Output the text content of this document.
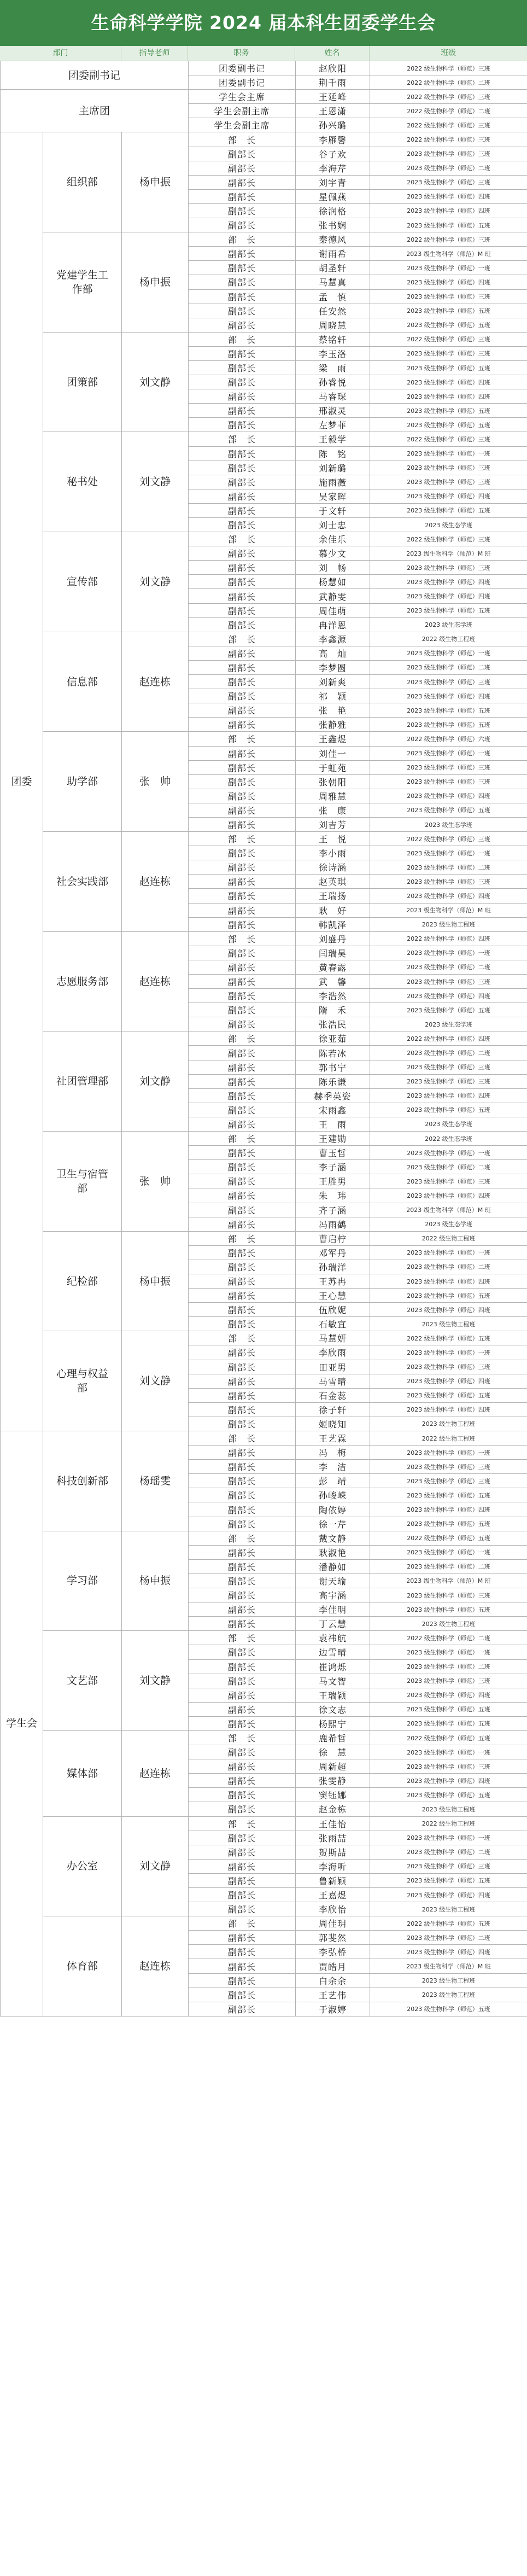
生命科学学院 2024 届本科生团委学生会
部门	指导老师	职务	姓名	班级
团委副书记			团委副书记	赵欣阳	2022 级生物科学（师范）三班
			团委副书记	荆千雨	2022 级生物科学（师范）二班
主席团			学生会主席	王延峰	2022 级生物科学（师范）三班
			学生会副主席	王恩潇	2022 级生物科学（师范）二班
			学生会副主席	孙兴璐	2022 级生物科学（师范）三班
团委	组织部	杨申振	部　长	李雁馨	2022 级生物科学（师范）三班
			副部长	谷子欢	2023 级生物科学（师范）三班
			副部长	李海芹	2023 级生物科学（师范）二班
			副部长	刘宇青	2023 级生物科学（师范）三班
			副部长	星佩燕	2023 级生物科学（师范）四班
			副部长	徐润格	2023 级生物科学（师范）四班
			副部长	张书娴	2023 级生物科学（师范）五班
	党建学生工作部	杨申振	部　长	秦德风	2022 级生物科学（师范）三班
			副部长	谢雨希	2023 级生物科学（师范）M 班
			副部长	胡圣轩	2023 级生物科学（师范）一班
			副部长	马慧真	2023 级生物科学（师范）四班
			副部长	孟　慎	2023 级生物科学（师范）三班
			副部长	任安然	2023 级生物科学（师范）五班
			副部长	周晓慧	2023 级生物科学（师范）五班
	团策部	刘文静	部　长	蔡铭轩	2022 级生物科学（师范）三班
			副部长	李玉洛	2023 级生物科学（师范）三班
			副部长	梁　雨	2023 级生物科学（师范）五班
			副部长	孙睿悦	2023 级生物科学（师范）四班
			副部长	马睿琛	2023 级生物科学（师范）四班
			副部长	邢淑灵	2023 级生物科学（师范）五班
			副部长	左梦菲	2023 级生物科学（师范）五班
	秘书处	刘文静	部　长	王毅学	2022 级生物科学（师范）三班
			副部长	陈　铭	2023 级生物科学（师范）一班
			副部长	刘新璐	2023 级生物科学（师范）三班
			副部长	施雨薇	2023 级生物科学（师范）三班
			副部长	吴家晖	2023 级生物科学（师范）四班
			副部长	于文轩	2023 级生物科学（师范）五班
			副部长	刘士忠	2023 级生态学班
	宣传部	刘文静	部　长	余佳乐	2022 级生物科学（师范）三班
			副部长	慕少文	2023 级生物科学（师范）M 班
			副部长	刘　畅	2023 级生物科学（师范）三班
			副部长	杨慧如	2023 级生物科学（师范）四班
			副部长	武静雯	2023 级生物科学（师范）四班
			副部长	周佳萌	2023 级生物科学（师范）五班
			副部长	冉洋恩	2023 级生态学班
	信息部	赵连栋	部　长	李鑫源	2022 级生物工程班
			副部长	高　灿	2023 级生物科学（师范）一班
			副部长	李梦圆	2023 级生物科学（师范）二班
			副部长	刘新爽	2023 级生物科学（师范）三班
			副部长	祁　颖	2023 级生物科学（师范）四班
			副部长	张　艳	2023 级生物科学（师范）五班
			副部长	张静雅	2023 级生物科学（师范）五班
	助学部	张　帅	部　长	王鑫煜	2022 级生物科学（师范）六班
			副部长	刘佳一	2023 级生物科学（师范）一班
			副部长	于虹苑	2023 级生物科学（师范）三班
			副部长	张朝阳	2023 级生物科学（师范）三班
			副部长	周雅慧	2023 级生物科学（师范）四班
			副部长	张　康	2023 级生物科学（师范）五班
			副部长	刘吉芳	2023 级生态学班
	社会实践部	赵连栋	部　长	王　悦	2022 级生物科学（师范）三班
			副部长	李小雨	2023 级生物科学（师范）一班
			副部长	徐诗涵	2023 级生物科学（师范）二班
			副部长	赵英琪	2023 级生物科学（师范）三班
			副部长	王瑞扬	2023 级生物科学（师范）四班
			副部长	耿　好	2023 级生物科学（师范）M 班
			副部长	韩凯泽	2023 级生物工程班
	志愿服务部	赵连栋	部　长	刘盛丹	2022 级生物科学（师范）四班
			副部长	闫瑞昊	2023 级生物科学（师范）一班
			副部长	黄春露	2023 级生物科学（师范）二班
			副部长	武　馨	2023 级生物科学（师范）三班
			副部长	李浩然	2023 级生物科学（师范）四班
			副部长	隋　禾	2023 级生物科学（师范）五班
			副部长	张浩民	2023 级生态学班
	社团管理部	刘文静	部　长	徐亚茹	2022 级生物科学（师范）四班
			副部长	陈若冰	2023 级生物科学（师范）二班
			副部长	郭书宁	2023 级生物科学（师范）三班
			副部长	陈乐谦	2023 级生物科学（师范）三班
			副部长	赫季英姿	2023 级生物科学（师范）四班
			副部长	宋雨鑫	2023 级生物科学（师范）五班
			副部长	王　雨	2023 级生态学班
	卫生与宿管部	张　帅	部　长	王建勋	2022 级生态学班
			副部长	曹玉哲	2023 级生物科学（师范）一班
			副部长	李子涵	2023 级生物科学（师范）二班
			副部长	王胜男	2023 级生物科学（师范）三班
			副部长	朱　玮	2023 级生物科学（师范）四班
			副部长	齐子涵	2023 级生物科学（师范）M 班
			副部长	冯雨鹤	2023 级生态学班
	纪检部	杨申振	部　长	曹启柠	2022 级生物工程班
			副部长	邓军丹	2023 级生物科学（师范）一班
			副部长	孙瑞洋	2023 级生物科学（师范）二班
			副部长	王苏冉	2023 级生物科学（师范）四班
			副部长	王心慧	2023 级生物科学（师范）五班
			副部长	伍欣妮	2023 级生物科学（师范）四班
			副部长	石敏宜	2023 级生物工程班
	心理与权益部	刘文静	部　长	马慧妍	2022 级生物科学（师范）五班
			副部长	李欣雨	2023 级生物科学（师范）一班
			副部长	田亚男	2023 级生物科学（师范）三班
			副部长	马雪晴	2023 级生物科学（师范）四班
			副部长	石金蕊	2023 级生物科学（师范）五班
			副部长	徐子轩	2023 级生物科学（师范）四班
			副部长	姬晓知	2023 级生物工程班
学生会	科技创新部	杨瑶雯	部　长	王艺霖	2022 级生物工程班
			副部长	冯　梅	2023 级生物科学（师范）一班
			副部长	李　洁	2023 级生物科学（师范）三班
			副部长	彭　靖	2023 级生物科学（师范）三班
			副部长	孙峻嵘	2023 级生物科学（师范）五班
			副部长	陶依婷	2023 级生物科学（师范）四班
			副部长	徐一芹	2023 级生物科学（师范）五班
	学习部	杨申振	部　长	戴文静	2022 级生物科学（师范）五班
			副部长	耿淑艳	2023 级生物科学（师范）一班
			副部长	潘静如	2023 级生物科学（师范）二班
			副部长	谢天瑜	2023 级生物科学（师范）M 班
			副部长	高宇涵	2023 级生物科学（师范）三班
			副部长	李佳明	2023 级生物科学（师范）五班
			副部长	丁云慧	2023 级生物工程班
	文艺部	刘文静	部　长	袁祎航	2022 级生物科学（师范）二班
			副部长	边雪晴	2023 级生物科学（师范）一班
			副部长	崔鸿烁	2023 级生物科学（师范）二班
			副部长	马文智	2023 级生物科学（师范）三班
			副部长	王瑞颖	2023 级生物科学（师范）四班
			副部长	徐文志	2023 级生物科学（师范）五班
			副部长	杨熙宁	2023 级生物科学（师范）五班
	媒体部	赵连栋	部　长	鹿希哲	2022 级生物科学（师范）五班
			副部长	徐　慧	2023 级生物科学（师范）一班
			副部长	周新超	2023 级生物科学（师范）三班
			副部长	张雯静	2023 级生物科学（师范）四班
			副部长	窦钰娜	2023 级生物科学（师范）五班
			副部长	赵金栋	2023 级生物工程班
	办公室	刘文静	部　长	王佳怡	2022 级生物工程班
			副部长	张雨喆	2023 级生物科学（师范）一班
			副部长	贺斯喆	2023 级生物科学（师范）二班
			副部长	李海听	2023 级生物科学（师范）三班
			副部长	鲁新颖	2023 级生物科学（师范）五班
			副部长	王嘉煜	2023 级生物科学（师范）四班
			副部长	李欣怡	2023 级生物工程班
	体育部	赵连栋	部　长	周佳玥	2022 级生物科学（师范）五班
			副部长	郭斐然	2023 级生物科学（师范）二班
			副部长	李弘桥	2023 级生物科学（师范）四班
			副部长	贾皓月	2023 级生物科学（师范）M 班
			副部长	白余余	2023 级生物工程班
			副部长	王艺伟	2023 级生物工程班
			副部长	于淑婷	2023 级生物科学（师范）五班
